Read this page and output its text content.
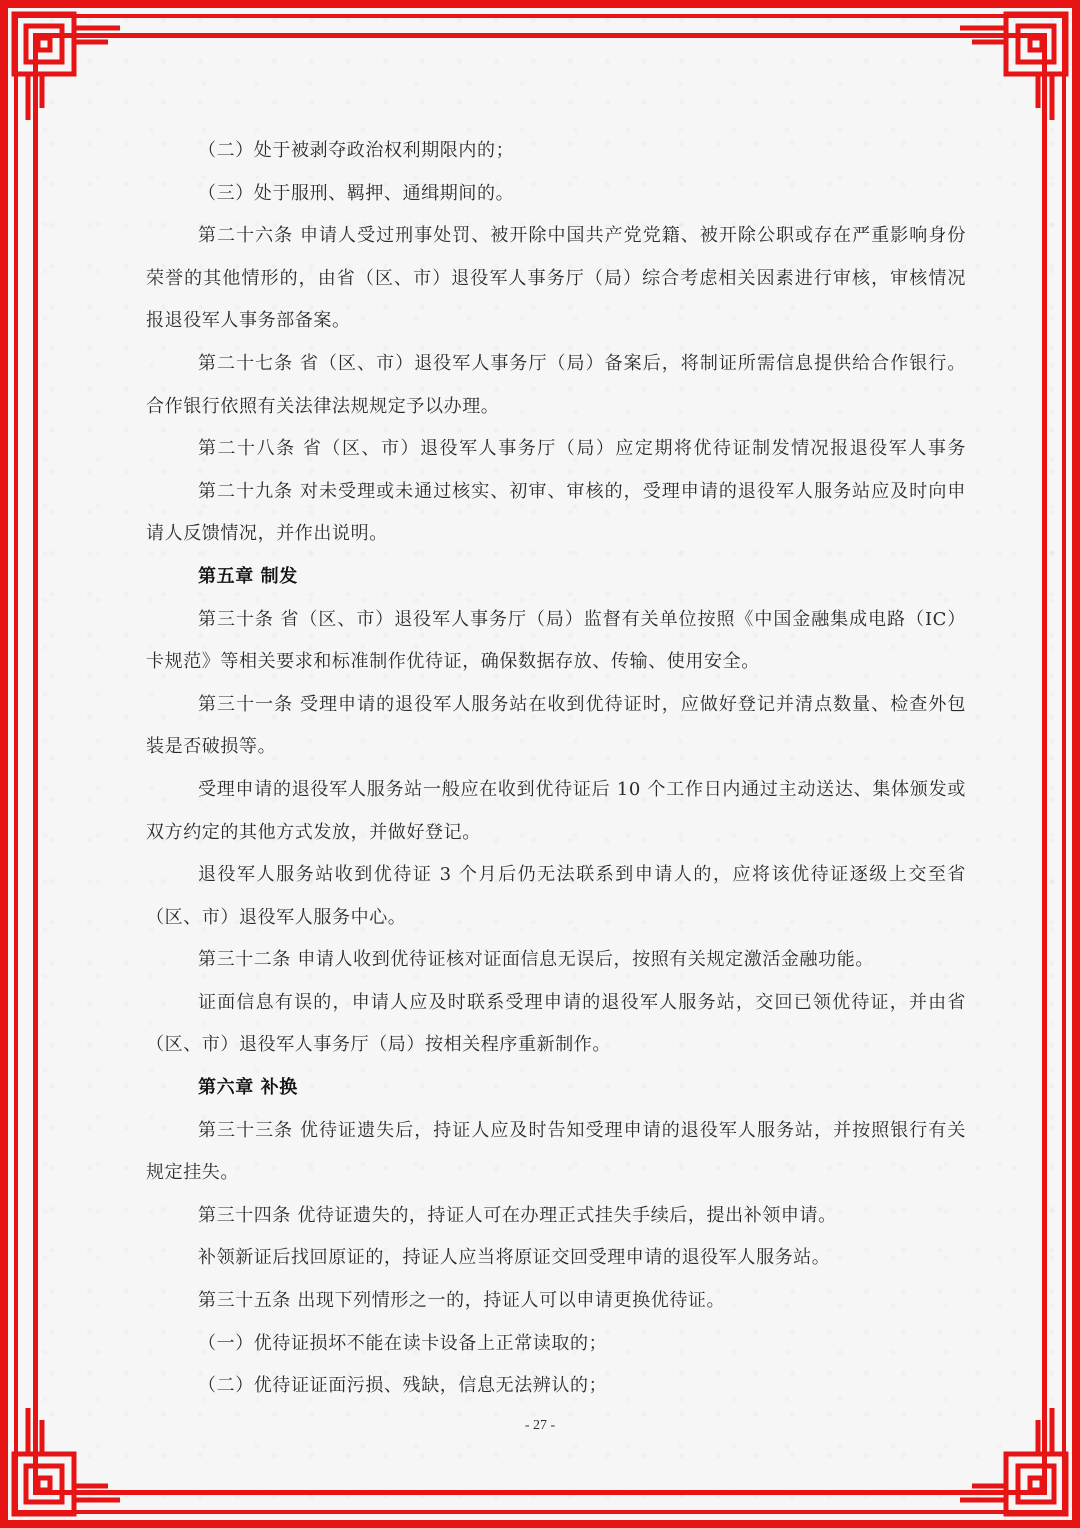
（二）处于被剥夺政治权利期限内的；
（三）处于服刑、羁押、通缉期间的。
第二十六条 申请人受过刑事处罚、被开除中国共产党党籍、被开除公职或存在严重影响身份
荣誉的其他情形的，由省（区、市）退役军人事务厅（局）综合考虑相关因素进行审核，审核情况
报退役军人事务部备案。
第二十七条 省（区、市）退役军人事务厅（局）备案后，将制证所需信息提供给合作银行。
合作银行依照有关法律法规规定予以办理。
第二十八条 省（区、市）退役军人事务厅（局）应定期将优待证制发情况报退役军人事务
第二十九条 对未受理或未通过核实、初审、审核的，受理申请的退役军人服务站应及时向申
请人反馈情况，并作出说明。
第五章 制发
第三十条 省（区、市）退役军人事务厅（局）监督有关单位按照《中国金融集成电路（IC）
卡规范》等相关要求和标准制作优待证，确保数据存放、传输、使用安全。
第三十一条 受理申请的退役军人服务站在收到优待证时，应做好登记并清点数量、检查外包
装是否破损等。
受理申请的退役军人服务站一般应在收到优待证后 10 个工作日内通过主动送达、集体颁发或
双方约定的其他方式发放，并做好登记。
退役军人服务站收到优待证 3 个月后仍无法联系到申请人的，应将该优待证逐级上交至省
（区、市）退役军人服务中心。
第三十二条 申请人收到优待证核对证面信息无误后，按照有关规定激活金融功能。
证面信息有误的，申请人应及时联系受理申请的退役军人服务站，交回已领优待证，并由省
（区、市）退役军人事务厅（局）按相关程序重新制作。
第六章 补换
第三十三条 优待证遗失后，持证人应及时告知受理申请的退役军人服务站，并按照银行有关
规定挂失。
第三十四条 优待证遗失的，持证人可在办理正式挂失手续后，提出补领申请。
补领新证后找回原证的，持证人应当将原证交回受理申请的退役军人服务站。
第三十五条 出现下列情形之一的，持证人可以申请更换优待证。
（一）优待证损坏不能在读卡设备上正常读取的；
（二）优待证证面污损、残缺，信息无法辨认的；
- 27 -
